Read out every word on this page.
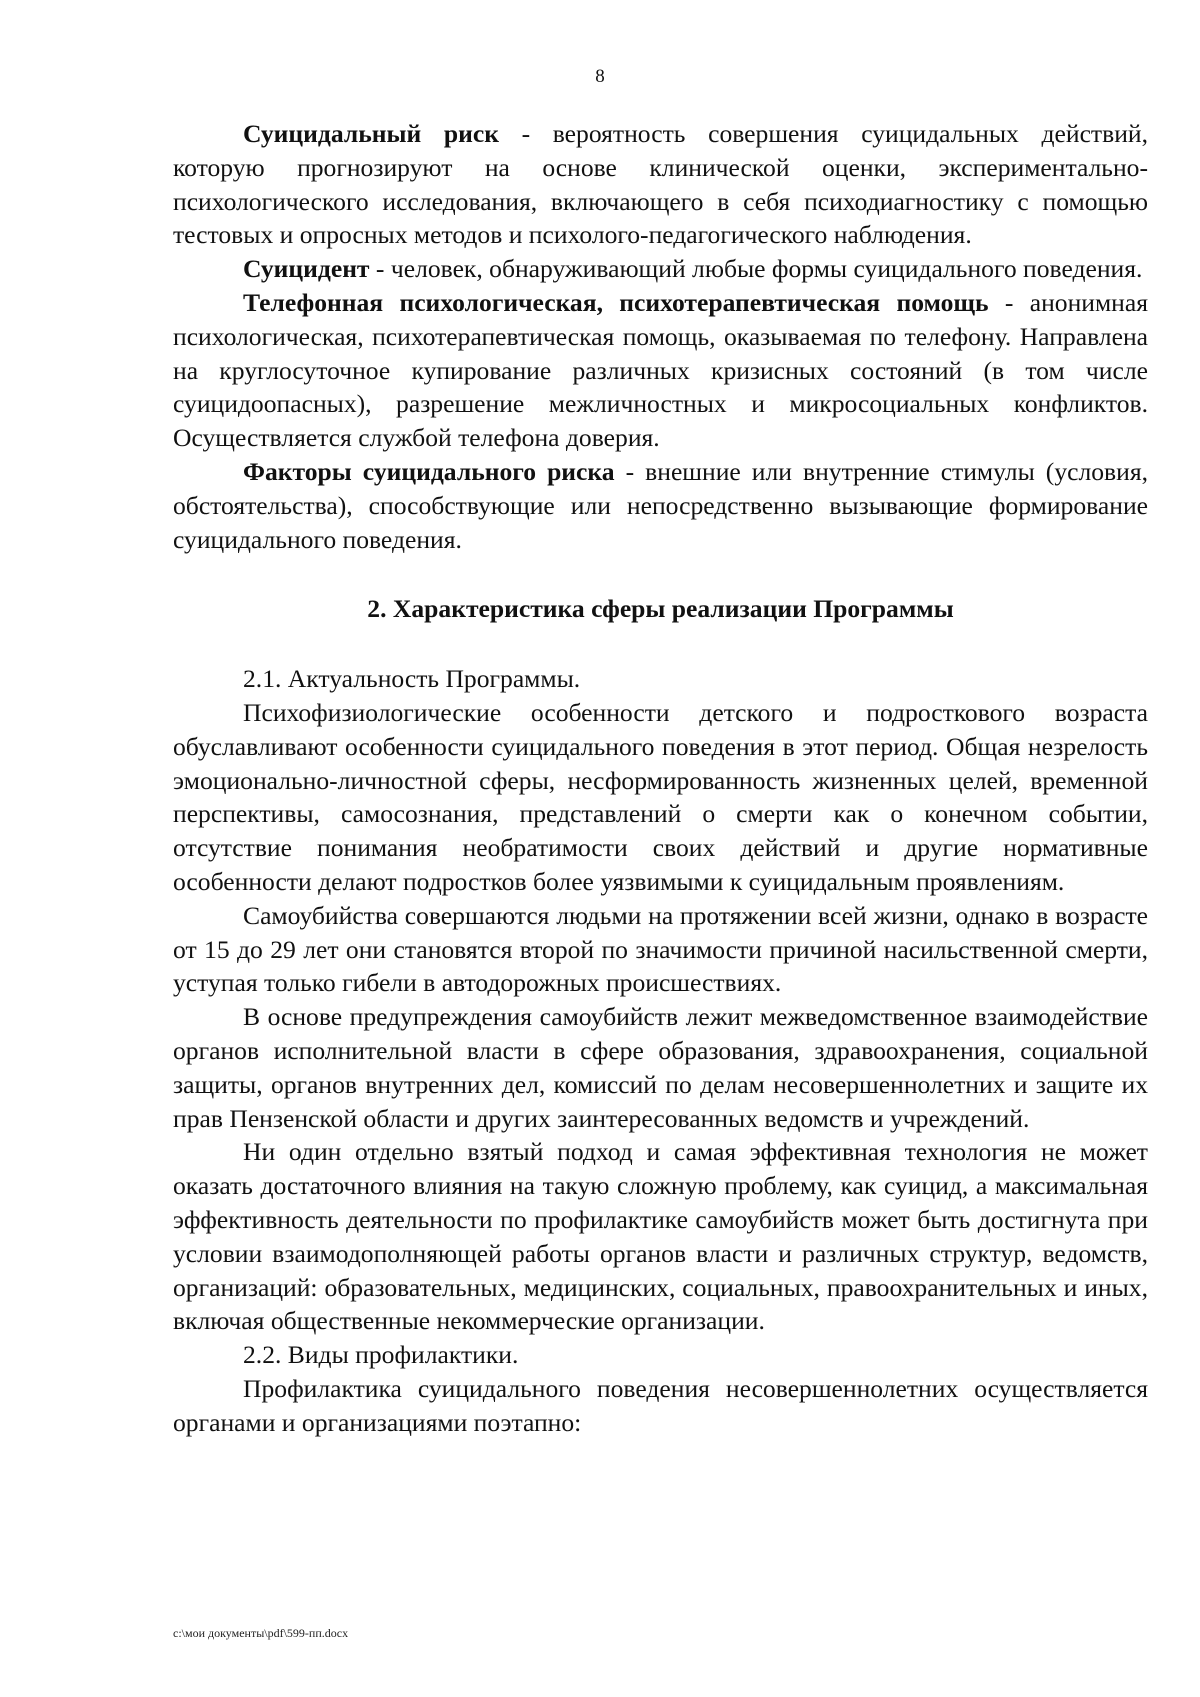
8

Суицидальный риск - вероятность совершения суицидальных действий, которую прогнозируют на основе клинической оценки, экспериментально-психологического исследования, включающего в себя психодиагностику с помощью тестовых и опросных методов и психолого-педагогического наблюдения.

Суицидент - человек, обнаруживающий любые формы суицидального поведения.

Телефонная психологическая, психотерапевтическая помощь - анонимная психологическая, психотерапевтическая помощь, оказываемая по телефону. Направлена на круглосуточное купирование различных кризисных состояний (в том числе суицидоопасных), разрешение межличностных и микросоциальных конфликтов. Осуществляется службой телефона доверия.

Факторы суицидального риска - внешние или внутренние стимулы (условия, обстоятельства), способствующие или непосредственно вызывающие формирование суицидального поведения.

2. Характеристика сферы реализации Программы

2.1. Актуальность Программы.

Психофизиологические особенности детского и подросткового возраста обуславливают особенности суицидального поведения в этот период. Общая незрелость эмоционально-личностной сферы, несформированность жизненных целей, временной перспективы, самосознания, представлений о смерти как о конечном событии, отсутствие понимания необратимости своих действий и другие нормативные особенности делают подростков более уязвимыми к суицидальным проявлениям.

Самоубийства совершаются людьми на протяжении всей жизни, однако в возрасте от 15 до 29 лет они становятся второй по значимости причиной насильственной смерти, уступая только гибели в автодорожных происшествиях.

В основе предупреждения самоубийств лежит межведомственное взаимодействие органов исполнительной власти в сфере образования, здравоохранения, социальной защиты, органов внутренних дел, комиссий по делам несовершеннолетних и защите их прав Пензенской области и других заинтересованных ведомств и учреждений.

Ни один отдельно взятый подход и самая эффективная технология не может оказать достаточного влияния на такую сложную проблему, как суицид, а максимальная эффективность деятельности по профилактике самоубийств может быть достигнута при условии взаимодополняющей работы органов власти и различных структур, ведомств, организаций: образовательных, медицинских, социальных, правоохранительных и иных, включая общественные некоммерческие организации.

2.2. Виды профилактики.

Профилактика суицидального поведения несовершеннолетних осуществляется органами и организациями поэтапно:

c:\мои документы\pdf\599-пп.docx
